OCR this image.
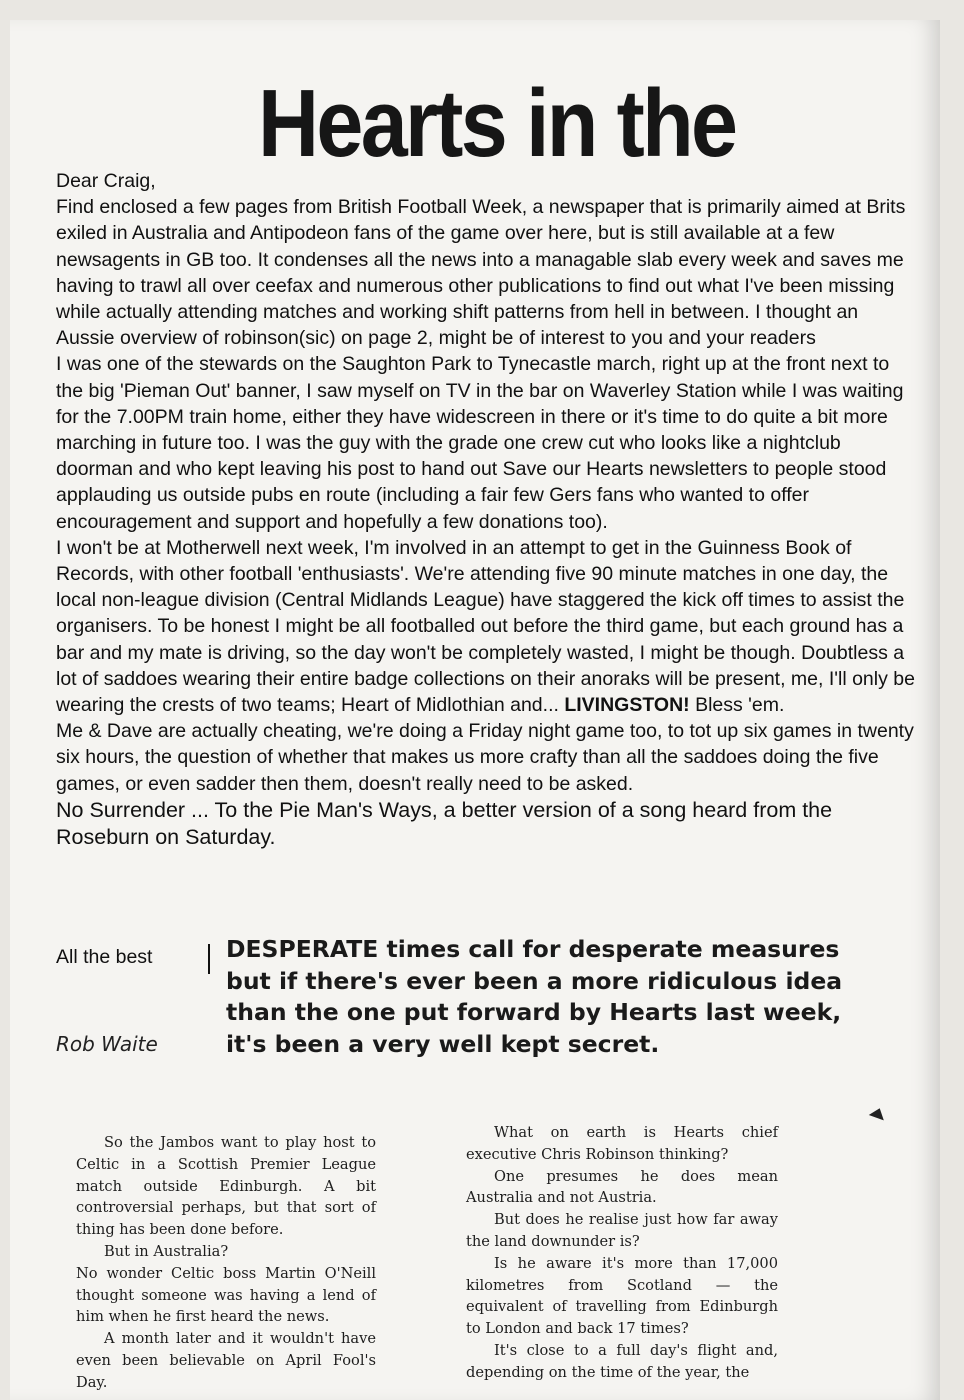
Hearts in the

Dear Craig,

Find enclosed a few pages from British Football Week, a newspaper that is primarily aimed at Brits exiled in Australia and Antipodeon fans of the game over here, but is still available at a few newsagents in GB too. It condenses all the news into a managable slab every week and saves me having to trawl all over ceefax and numerous other publications to find out what I've been missing while actually attending matches and working shift patterns from hell in between. I thought an Aussie overview of robinson(sic) on page 2, might be of interest to you and your readers

I was one of the stewards on the Saughton Park to Tynecastle march, right up at the front next to the big 'Pieman Out' banner, I saw myself on TV in the bar on Waverley Station while I was waiting for the 7.00PM train home, either they have widescreen in there or it's time to do quite a bit more marching in future too. I was the guy with the grade one crew cut who looks like a nightclub doorman and who kept leaving his post to hand out Save our Hearts newsletters to people stood applauding us outside pubs en route (including a fair few Gers fans who wanted to offer encouragement and support and hopefully a few donations too).

I won't be at Motherwell next week, I'm involved in an attempt to get in the Guinness Book of Records, with other football 'enthusiasts'. We're attending five 90 minute matches in one day, the local non-league division (Central Midlands League) have staggered the kick off times to assist the organisers. To be honest I might be all footballed out before the third game, but each ground has a bar and my mate is driving, so the day won't be completely wasted, I might be though. Doubtless a lot of saddoes wearing their entire badge collections on their anoraks will be present, me, I'll only be wearing the crests of two teams; Heart of Midlothian and... LIVINGSTON! Bless 'em.

Me & Dave are actually cheating, we're doing a Friday night game too, to tot up six games in twenty six hours, the question of whether that makes us more crafty than all the saddoes doing the five games, or even sadder then them, doesn't really need to be asked.

No Surrender ... To the Pie Man's Ways, a better version of a song heard from the Roseburn on Saturday.

All the best
Rob Waite

DESPERATE times call for desperate measures

but if there's ever been a more ridiculous idea

than the one put forward by Hearts last week,

it's been a very well kept secret.

So the Jambos want to play host to Celtic in a Scottish Premier League match outside Edinburgh. A bit controversial perhaps, but that sort of thing has been done before.

But in Australia?

No wonder Celtic boss Martin O'Neill thought someone was having a lend of him when he first heard the news.

A month later and it wouldn't have even been believable on April Fool's Day.

What on earth is Hearts chief executive Chris Robinson thinking?

One presumes he does mean Australia and not Austria.

But does he realise just how far away the land downunder is?

Is he aware it's more than 17,000 kilometres from Scotland — the equivalent of travelling from Edinburgh to London and back 17 times?

It's close to a full day's flight and, depending on the time of the year, the
